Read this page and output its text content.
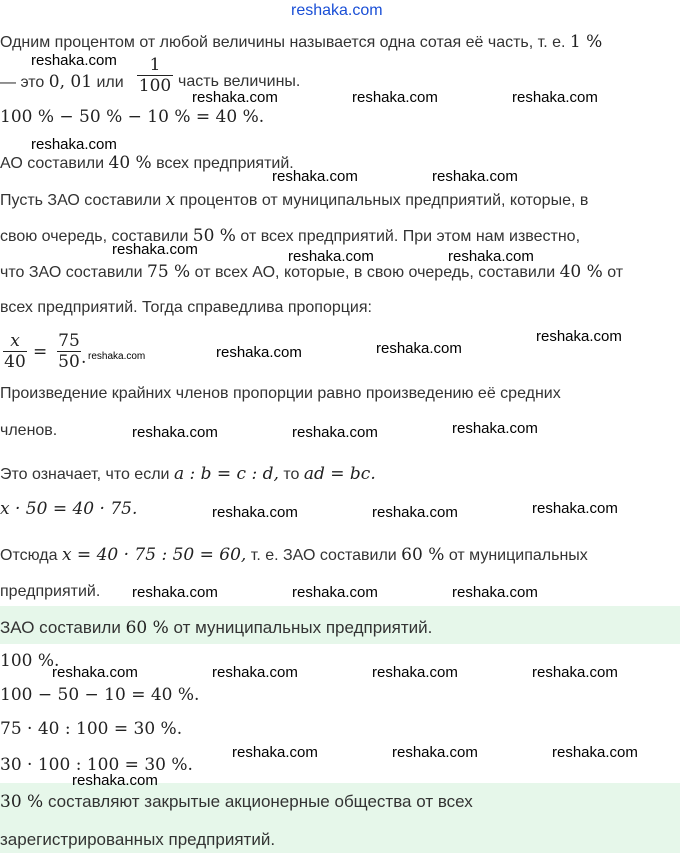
reshaka.com
Одним процентом от любой величины называется одна сотая её часть, т. е. 1 %
— это 0, 01 или
1
100 часть величины.
100 % − 50 % − 10 % = 40 %.
АО составили 40 % всех предприятий.
Пусть ЗАО составили x процентов от муниципальных предприятий, которые, в
свою очередь, составили 50 % от всех предприятий. При этом нам известно,
что ЗАО составили 75 % от всех АО, которые, в свою очередь, составили 40 % от
всех предприятий. Тогда справедлива пропорция:
x
40 =
75
50 .
Произведение крайних членов пропорции равно произведению её средних
членов.
Это означает, что если a : b = c : d, то ad = bc.
x · 50 = 40 · 75.
Отсюда x = 40 · 75 : 50 = 60, т. е. ЗАО составили 60 % от муниципальных
предприятий.
ЗАО составили 60 % от муниципальных предприятий.
100 %.
100 − 50 − 10 = 40 %.
75 · 40 : 100 = 30 %.
30 · 100 : 100 = 30 %.
30 % составляют закрытые акционерные общества от всех
зарегистрированных предприятий.
reshaka.com
reshaka.com	reshaka.com	reshaka.com
reshaka.com
reshaka.com	reshaka.com
reshaka.com	reshaka.com	reshaka.com
reshaka.com	reshaka.com	reshaka.com
reshaka.com
reshaka.com	reshaka.com	reshaka.com
reshaka.com	reshaka.com	reshaka.com
reshaka.com	reshaka.com	reshaka.com
reshaka.com	reshaka.com	reshaka.com	reshaka.com
reshaka.com	reshaka.com	reshaka.com
reshaka.com
